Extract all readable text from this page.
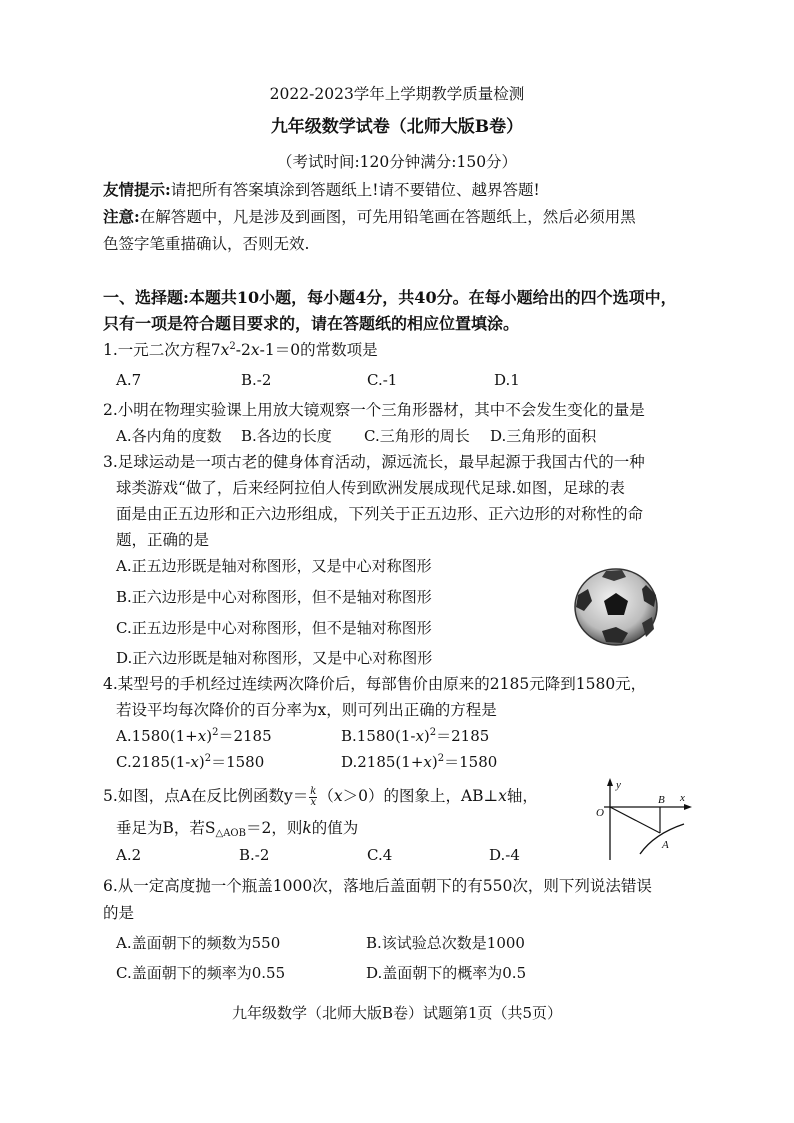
2022-2023学年上学期教学质量检测
九年级数学试卷（北师大版B卷）
（考试时间:120分钟满分:150分）
友情提示:请把所有答案填涂到答题纸上!请不要错位、越界答题!
注意:在解答题中，凡是涉及到画图，可先用铅笔画在答题纸上，然后必须用黑
色签字笔重描确认，否则无效.
一、选择题:本题共10小题，每小题4分，共40分。在每小题给出的四个选项中，
只有一项是符合题目要求的，请在答题纸的相应位置填涂。
1.一元二次方程$7x^2-2x-1=0$的常数项是
A.7	B.-2	C.-1	D.1
2.小明在物理实验课上用放大镜观察一个三角形器材，其中不会发生变化的量是
A.各内角的度数 B.各边的长度 C.三角形的周长 D.三角形的面积
3.足球运动是一项古老的健身体育活动，源远流长，最早起源于我国古代的一种
球类游戏“做了，后来经阿拉伯人传到欧洲发展成现代足球.如图，足球的表
面是由正五边形和正六边形组成，下列关于正五边形、正六边形的对称性的命
题，正确的是
A.正五边形既是轴对称图形，又是中心对称图形
B.正六边形是中心对称图形，但不是轴对称图形
C.正五边形是中心对称图形，但不是轴对称图形
D.正六边形既是轴对称图形，又是中心对称图形
4.某型号的手机经过连续两次降价后，每部售价由原来的2185元降到1580元，
若设平均每次降价的百分率为x，则可列出正确的方程是
$A.1580(1+x)^2=2185$	$B.1580(1-x)^2=2185$
$C.2185(1-x)^2=1580$	$D.2185(1+x)^2=1580$
5.如图，点A在反比例函数$y= \frac{k}{x} (x>0)$的图象上，AB⊥x轴，
垂足为B，若$S_{\triangle AOB}=2$，则k的值为
A.2	B.-2	C.4	D.-4
y
x
O
B
A
6.从一定高度抛一个瓶盖1000次，落地后盖面朝下的有550次，则下列说法错误
的是
A.盖面朝下的频数为550	B.该试验总次数是1000
C.盖面朝下的频率为0.55	D.盖面朝下的概率为0.5
九年级数学（北师大版B卷）试题第1页（共5页）
